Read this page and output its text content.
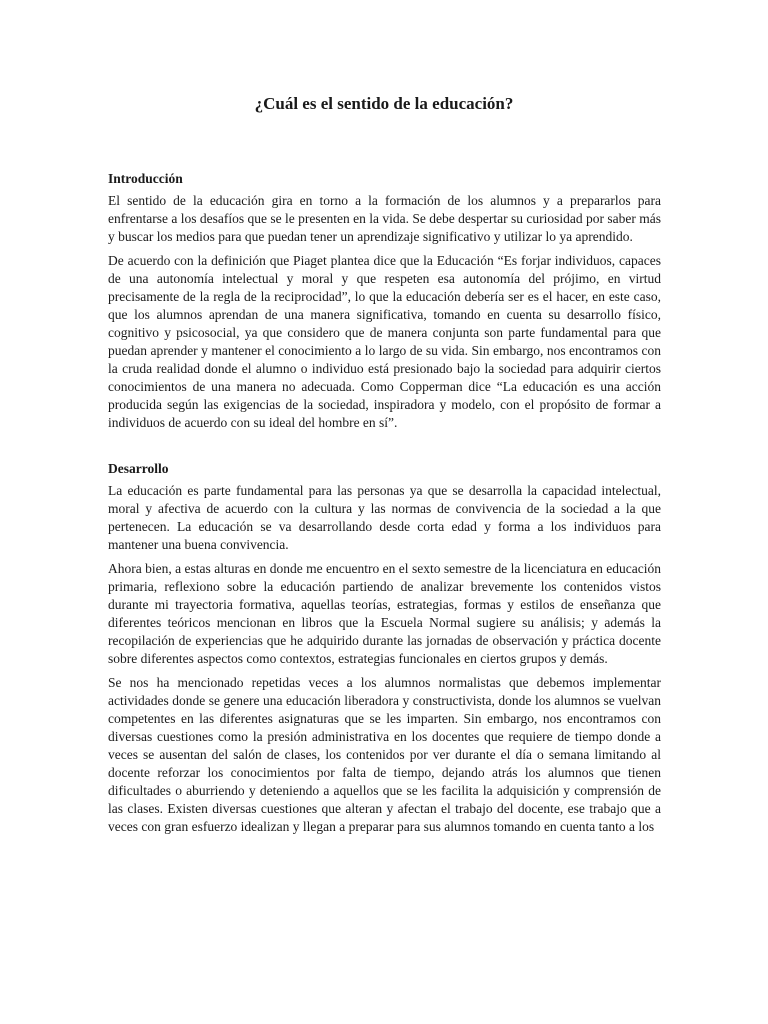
¿Cuál es el sentido de la educación?
Introducción

El sentido de la educación gira en torno a la formación de los alumnos y a prepararlos para enfrentarse a los desafíos que se le presenten en la vida. Se debe despertar su curiosidad por saber más y buscar los medios para que puedan tener un aprendizaje significativo y utilizar lo ya aprendido.

De acuerdo con la definición que Piaget plantea dice que la Educación “Es forjar individuos, capaces de una autonomía intelectual y moral y que respeten esa autonomía del prójimo, en virtud precisamente de la regla de la reciprocidad”, lo que la educación debería ser es el hacer, en este caso, que los alumnos aprendan de una manera significativa, tomando en cuenta su desarrollo físico, cognitivo y psicosocial, ya que considero que de manera conjunta son parte fundamental para que puedan aprender y mantener el conocimiento a lo largo de su vida. Sin embargo, nos encontramos con la cruda realidad donde el alumno o individuo está presionado bajo la sociedad para adquirir ciertos conocimientos de una manera no adecuada. Como Copperman dice “La educación es una acción producida según las exigencias de la sociedad, inspiradora y modelo, con el propósito de formar a individuos de acuerdo con su ideal del hombre en sí”.

Desarrollo

La educación es parte fundamental para las personas ya que se desarrolla la capacidad intelectual, moral y afectiva de acuerdo con la cultura y las normas de convivencia de la sociedad a la que pertenecen. La educación se va desarrollando desde corta edad y forma a los individuos para mantener una buena convivencia.

Ahora bien, a estas alturas en donde me encuentro en el sexto semestre de la licenciatura en educación primaria, reflexiono sobre la educación partiendo de analizar brevemente los contenidos vistos durante mi trayectoria formativa, aquellas teorías, estrategias, formas y estilos de enseñanza que diferentes teóricos mencionan en libros que la Escuela Normal sugiere su análisis; y además la recopilación de experiencias que he adquirido durante las jornadas de observación y práctica docente sobre diferentes aspectos como contextos, estrategias funcionales en ciertos grupos y demás.

Se nos ha mencionado repetidas veces a los alumnos normalistas que debemos implementar actividades donde se genere una educación liberadora y constructivista, donde los alumnos se vuelvan competentes en las diferentes asignaturas que se les imparten. Sin embargo, nos encontramos con diversas cuestiones como la presión administrativa en los docentes que requiere de tiempo donde a veces se ausentan del salón de clases, los contenidos por ver durante el día o semana limitando al docente reforzar los conocimientos por falta de tiempo, dejando atrás los alumnos que tienen dificultades o aburriendo y deteniendo a aquellos que se les facilita la adquisición y comprensión de las clases. Existen diversas cuestiones que alteran y afectan el trabajo del docente, ese trabajo que a veces con gran esfuerzo idealizan y llegan a preparar para sus alumnos tomando en cuenta tanto a los
